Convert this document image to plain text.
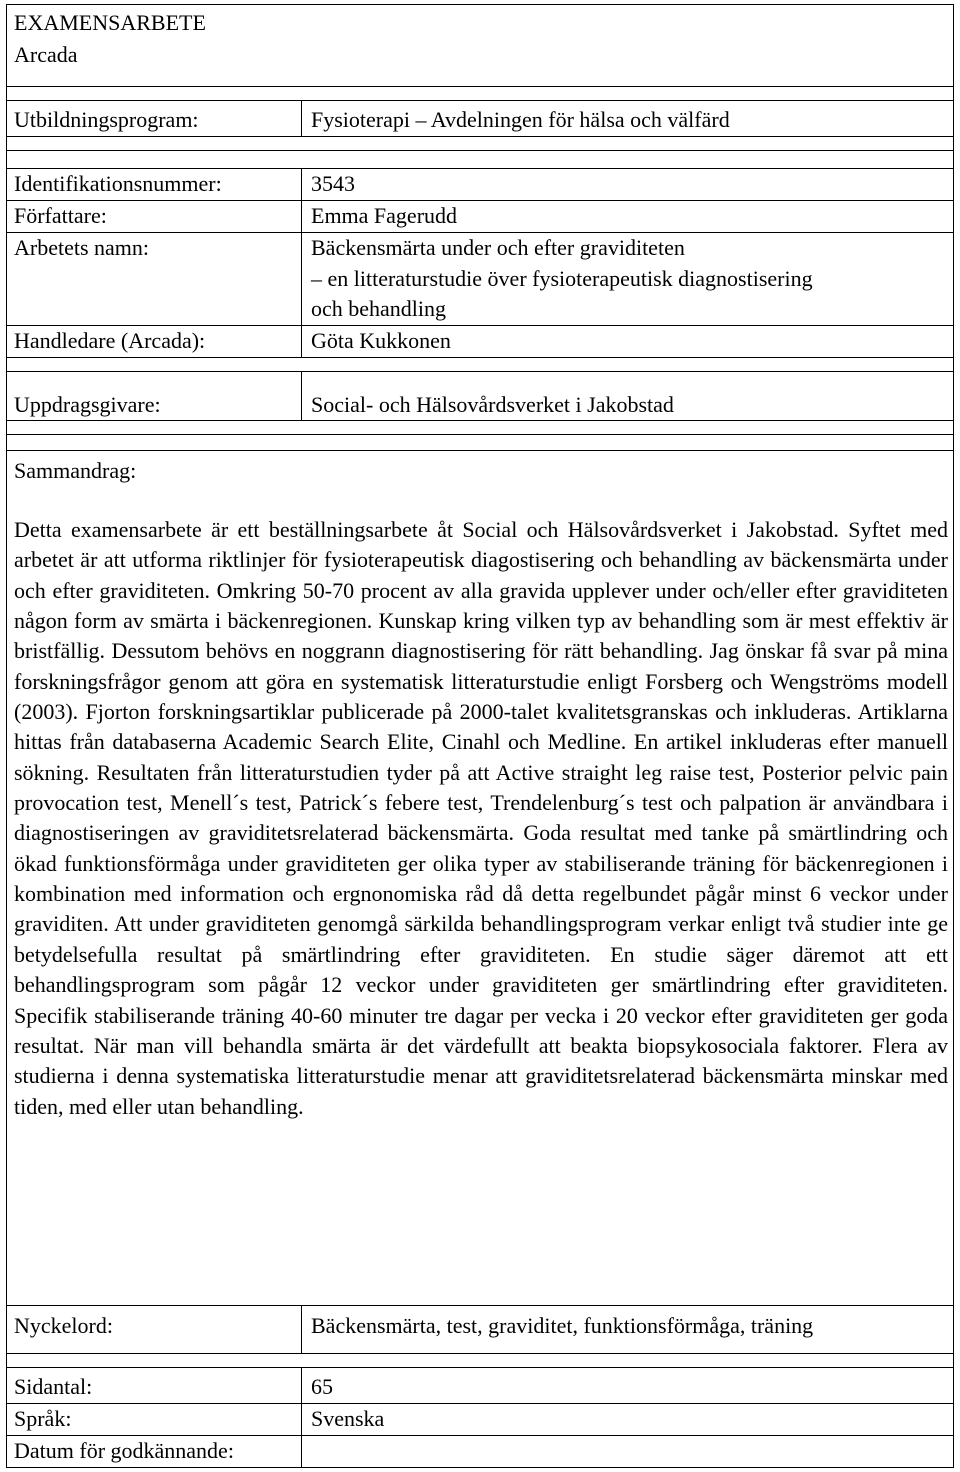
EXAMENSARBETE
Arcada
Utbildningsprogram:	Fysioterapi – Avdelningen för hälsa och välfärd
Identifikationsnummer:	3543
Författare:	Emma Fagerudd
Arbetets namn:	Bäckensmärta under och efter graviditeten
– en litteraturstudie över fysioterapeutisk diagnostisering
och behandling
Handledare (Arcada):	Göta Kukkonen
Uppdragsgivare:	Social- och Hälsovårdsverket i Jakobstad
Sammandrag:
Detta examensarbete är ett beställningsarbete åt Social och Hälsovårdsverket i Jakobstad. Syftet med arbetet är att utforma riktlinjer för fysioterapeutisk diagostisering och behandling av bäckensmärta under och efter graviditeten. Omkring 50-70 procent av alla gravida upplever under och/eller efter graviditeten någon form av smärta i bäckenregionen. Kunskap kring vilken typ av behandling som är mest effektiv är bristfällig. Dessutom behövs en noggrann diagnostisering för rätt behandling. Jag önskar få svar på mina forskningsfrågor genom att göra en systematisk litteraturstudie enligt Forsberg och Wengströms modell (2003). Fjorton forskningsartiklar publicerade på 2000-talet kvalitetsgranskas och inkluderas. Artiklarna hittas från databaserna Academic Search Elite, Cinahl och Medline. En artikel inkluderas efter manuell sökning. Resultaten från litteraturstudien tyder på att Active straight leg raise test, Posterior pelvic pain provocation test, Menell´s test, Patrick´s febere test, Trendelenburg´s test och palpation är användbara i diagnostiseringen av graviditetsrelaterad bäckensmärta. Goda resultat med tanke på smärtlindring och ökad funktionsförmåga under graviditeten ger olika typer av stabiliserande träning för bäckenregionen i kombination med information och ergnonomiska råd då detta regelbundet pågår minst 6 veckor under graviditen. Att under graviditeten genomgå särkilda behandlingsprogram verkar enligt två studier inte ge betydelsefulla resultat på smärtlindring efter graviditeten. En studie säger däremot att ett behandlingsprogram som pågår 12 veckor under graviditeten ger smärtlindring efter graviditeten. Specifik stabiliserande träning 40-60 minuter tre dagar per vecka i 20 veckor efter graviditeten ger goda resultat. När man vill behandla smärta är det värdefullt att beakta biopsykosociala faktorer. Flera av studierna i denna systematiska litteraturstudie menar att graviditetsrelaterad bäckensmärta minskar med tiden, med eller utan behandling.
Nyckelord:	Bäckensmärta, test, graviditet, funktionsförmåga, träning
Sidantal:	65
Språk:	Svenska
Datum för godkännande:
